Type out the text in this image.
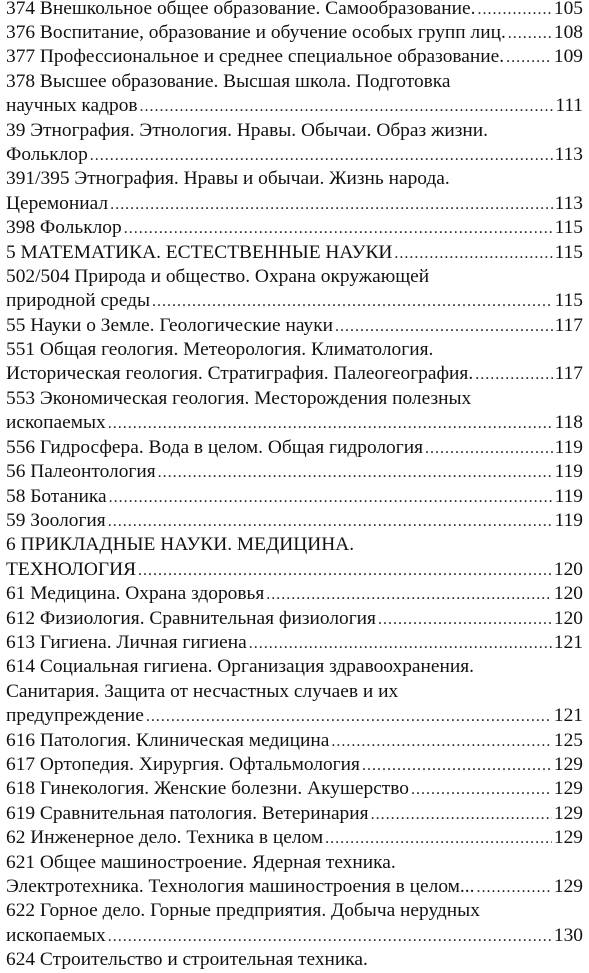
374 Внешкольное общее образование. Самообразование. .....	105
376 Воспитание, образование и обучение особых групп лиц. ..... 108
377 Профессиональное и среднее специальное образование. .....	109
378 Высшее образование. Высшая школа. Подготовка
научных кадров .....	111
39 Этнография. Этнология. Нравы. Обычаи. Образ жизни.
Фольклор .....	113
391/395 Этнография. Нравы и обычаи. Жизнь народа.
Церемониал .....	113
398 Фольклор .....	115
5 МАТЕМАТИКА. ЕСТЕСТВЕННЫЕ НАУКИ .....	115
502/504 Природа и общество. Охрана окружающей
природной среды .....	115
55 Науки о Земле. Геологические науки .....	117
551 Общая геология. Метеорология. Климатология.
Историческая геология. Стратиграфия. Палеогеография. .....	117
553 Экономическая геология. Месторождения полезных
ископаемых .....	118
556 Гидросфера. Вода в целом. Общая гидрология .....	119
56 Палеонтология .....	119
58 Ботаника .....	119
59 Зоология .....	119
6 ПРИКЛАДНЫЕ НАУКИ. МЕДИЦИНА.
ТЕХНОЛОГИЯ .....	120
61 Медицина. Охрана здоровья .....	120
612 Физиология. Сравнительная физиология .....	120
613 Гигиена. Личная гигиена .....	121
614 Социальная гигиена. Организация здравоохранения.
Санитария. Защита от несчастных случаев и их
предупреждение .....	121
616 Патология. Клиническая медицина .....	125
617 Ортопедия. Хирургия. Офтальмология .....	129
618 Гинекология. Женские болезни. Акушерство .....	129
619 Сравнительная патология. Ветеринария .....	129
62 Инженерное дело. Техника в целом .....	129
621 Общее машиностроение. Ядерная техника.
Электротехника. Технология машиностроения в целом... .....	129
622 Горное дело. Горные предприятия. Добыча нерудных
ископаемых .....	130
624 Строительство и строительная техника.
